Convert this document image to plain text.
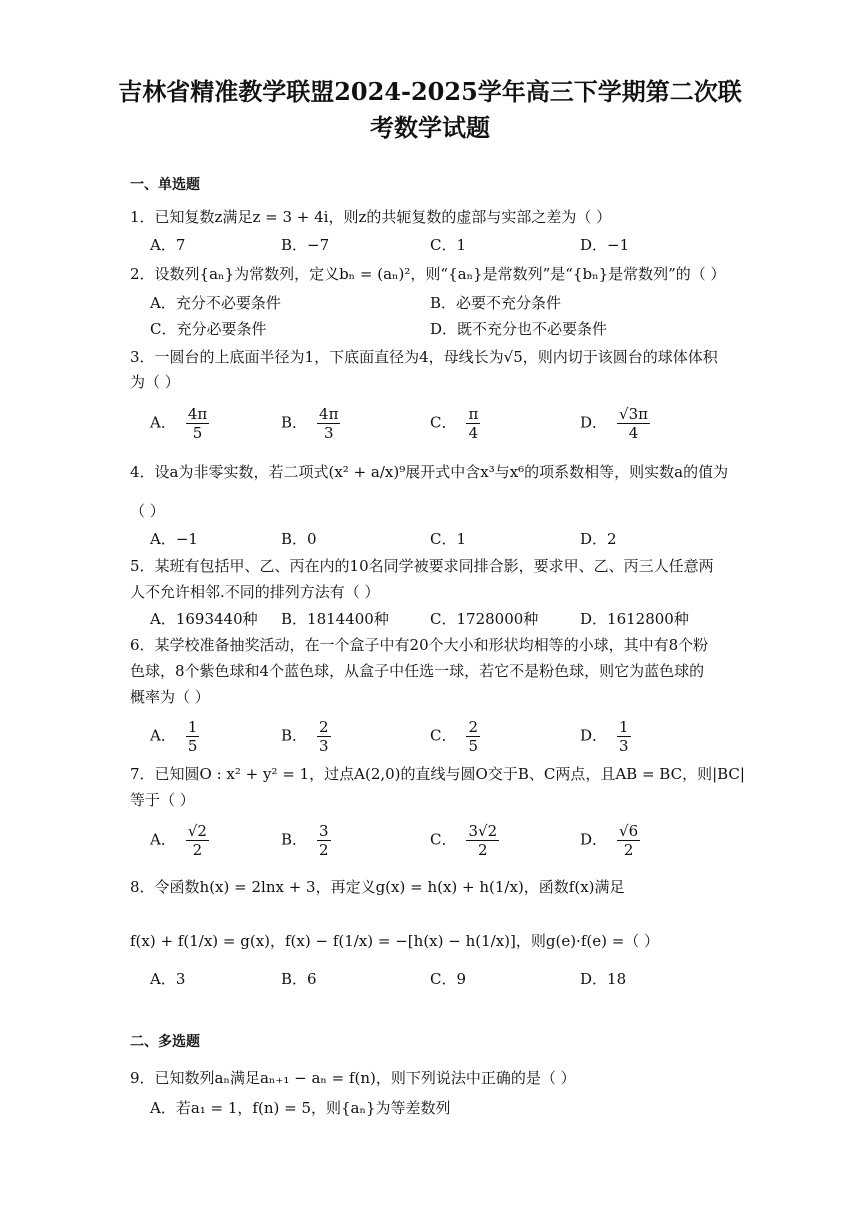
吉林省精准教学联盟2024-2025学年高三下学期第二次联
考数学试题
一、单选题
1．已知复数z满足z = 3 + 4i，则z的共轭复数的虚部与实部之差为（ ）
A．7	B．−7	C．1	D．−1
2．设数列{aₙ}为常数列，定义bₙ = (aₙ)²，则“{aₙ}是常数列”是“{bₙ}是常数列”的（ ）
A．充分不必要条件	B．必要不充分条件
C．充分必要条件	D．既不充分也不必要条件
3．一圆台的上底面半径为1，下底面直径为4，母线长为√5，则内切于该圆台的球体体积
为（ ）
A． $\frac{4\pi}{5}$	B． $\frac{4\pi}{3}$	C． $\frac{\pi}{4}$	D． $\frac{√3\pi}{4}$
4．设a为非零实数，若二项式(x² + a/x)⁹展开式中含x³与x⁶的项系数相等，则实数a的值为
（ ）
A．−1	B．0	C．1	D．2
5．某班有包括甲、乙、丙在内的10名同学被要求同排合影，要求甲、乙、丙三人任意两
人不允许相邻.不同的排列方法有（ ）
A．1693440种 B．1814400种	C．1728000种	D．1612800种
6．某学校准备抽奖活动，在一个盒子中有20个大小和形状均相等的小球，其中有8个粉
色球，8个紫色球和4个蓝色球，从盒子中任选一球，若它不是粉色球，则它为蓝色球的
概率为（ ）
A． $\frac{1}{5}$	B． $\frac{2}{3}$	C． $\frac{2}{5}$	D． $\frac{1}{3}$
7．已知圆O : x² + y² = 1，过点A(2,0)的直线与圆O交于B、C两点，且AB = BC，则|BC|
等于（ ）
A． $\frac{√2}{2}$	B． $\frac{3}{2}$	C． $\frac{3√2}{2}$	D． $\frac{√6}{2}$
8．令函数h(x) = 2lnx + 3，再定义g(x) = h(x) + h(1/x)，函数f(x)满足
f(x) + f(1/x) = g(x)，f(x) − f(1/x) = −[h(x) − h(1/x)]，则g(e)·f(e) =（ ）
A．3	B．6	C．9	D．18
二、多选题
9．已知数列aₙ满足aₙ₊₁ − aₙ = f(n)，则下列说法中正确的是（ ）
A．若a₁ = 1，f(n) = 5，则{aₙ}为等差数列
